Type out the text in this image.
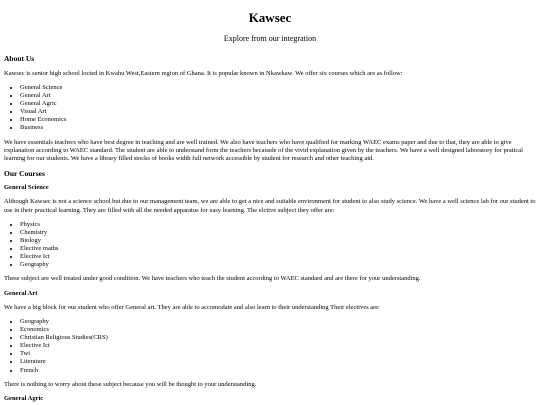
Kawsec
Explore from our integration
About Us

Kawsec is senior high school locted in Kwahu West,Eastern region of Ghana. It is popular known in Nkawkaw. We offer six courses which are as follow:

• General Science
• General Art
• General Agric
• Visual Art
• Home Economics
• Business

We have essentials teachers who have best degree in teaching and are well trained. We also have teachers who have qualified for marking WAEC exams paper and due to that, they are able to give explanation according to WAEC standard. The student are able to understand form the teachers becausde of the vivid explanation given by the teachers. We have a well designed laboratory for pratical learning for our students. We have a library filled stocks of books width full network accessible by student for research and other teaching aid.

Our Courses
General Science

Although Kawsec is not a science school but due to our management team, we are able to get a nice and suitable environment for student to also study science. We have a well science lab for our student to use in their practical learning. They are filled with all the needed apparatus for easy learning. The elctive subject they offer are:

• Physics
• Chemistry
• Biology
• Elective maths
• Elective Ict
• Geography

These subject are well treated under good condition. We have teachers who teach the student according to WAEC standard and are there for your understanding.

General Art

We have a big block for our student who offer General art. They are able to accomodate and also learn to their understanding Their electives are:

• Geography
• Economics
• Christian Religious Studies(CRS)
• Elective Ict
• Twi
• Literature
• French

There is nothing to worry about these subject because you will be thought to your understanding.

General Agric
